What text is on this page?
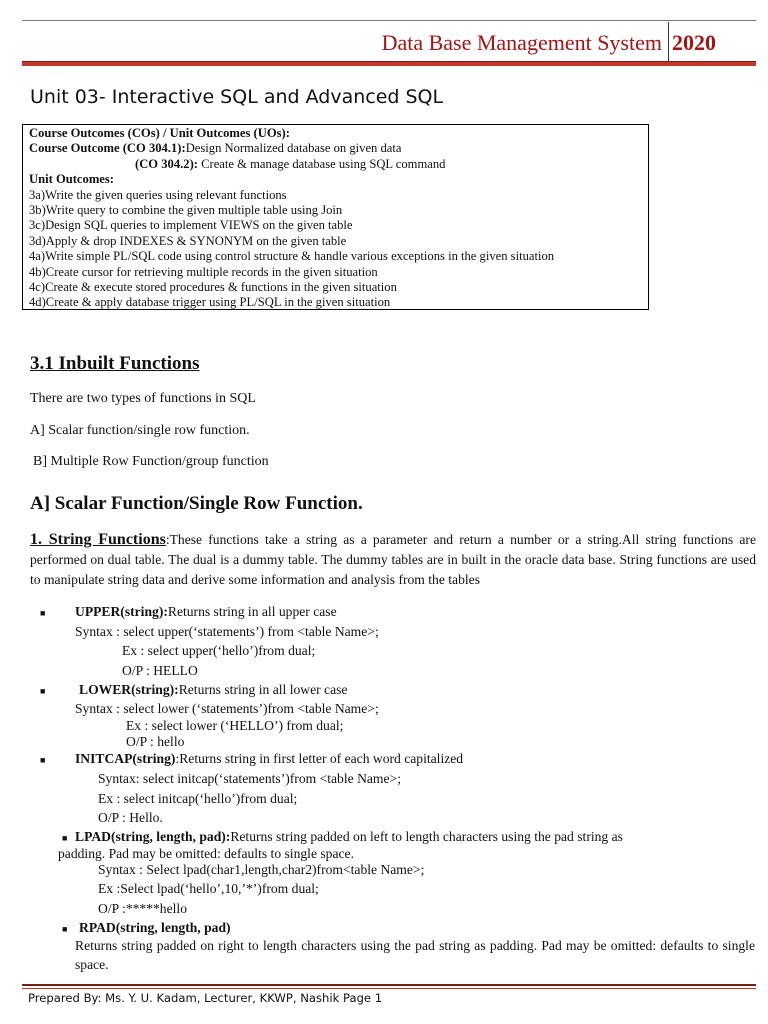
Data Base Management System 2020
Unit 03- Interactive SQL and Advanced SQL
Course Outcomes (COs) / Unit Outcomes (UOs):
Course Outcome (CO 304.1):Design Normalized database on given data
(CO 304.2): Create & manage database using SQL command
Unit Outcomes:
3a)Write the given queries using relevant functions
3b)Write query to combine the given multiple table using Join
3c)Design SQL queries to implement VIEWS on the given table
3d)Apply & drop INDEXES & SYNONYM on the given table
4a)Write simple PL/SQL code using control structure & handle various exceptions in the given situation
4b)Create cursor for retrieving multiple records in the given situation
4c)Create & execute stored procedures & functions in the given situation
4d)Create & apply database trigger using PL/SQL in the given situation
3.1 Inbuilt Functions
There are two types of functions in SQL
A] Scalar function/single row function.
B] Multiple Row Function/group function
A] Scalar Function/Single Row Function.
1. String Functions:These functions take a string as a parameter and return a number or a string.All string functions are performed on dual table. The dual is a dummy table. The dummy tables are in built in the oracle data base. String functions are used to manipulate string data and derive some information and analysis from the tables
■ UPPER(string):Returns string in all upper case
Syntax : select upper(‘statements’) from <table Name>;
Ex : select upper(‘hello’)from dual;
O/P : HELLO
■ LOWER(string):Returns string in all lower case
Syntax : select lower (‘statements’)from <table Name>;
Ex : select lower (‘HELLO’) from dual;
O/P : hello
■ INITCAP(string):Returns string in first letter of each word capitalized
Syntax: select initcap(‘statements’)from <table Name>;
Ex : select initcap(‘hello’)from dual;
O/P : Hello.
■ LPAD(string, length, pad):Returns string padded on left to length characters using the pad string as
padding. Pad may be omitted: defaults to single space.
Syntax : Select lpad(char1,length,char2)from<table Name>;
Ex :Select lpad(‘hello’,10,’*’)from dual;
O/P :*****hello
■ RPAD(string, length, pad)
Returns string padded on right to length characters using the pad string as padding. Pad may be omitted: defaults to single space.
Prepared By: Ms. Y. U. Kadam, Lecturer, KKWP, Nashik Page 1
